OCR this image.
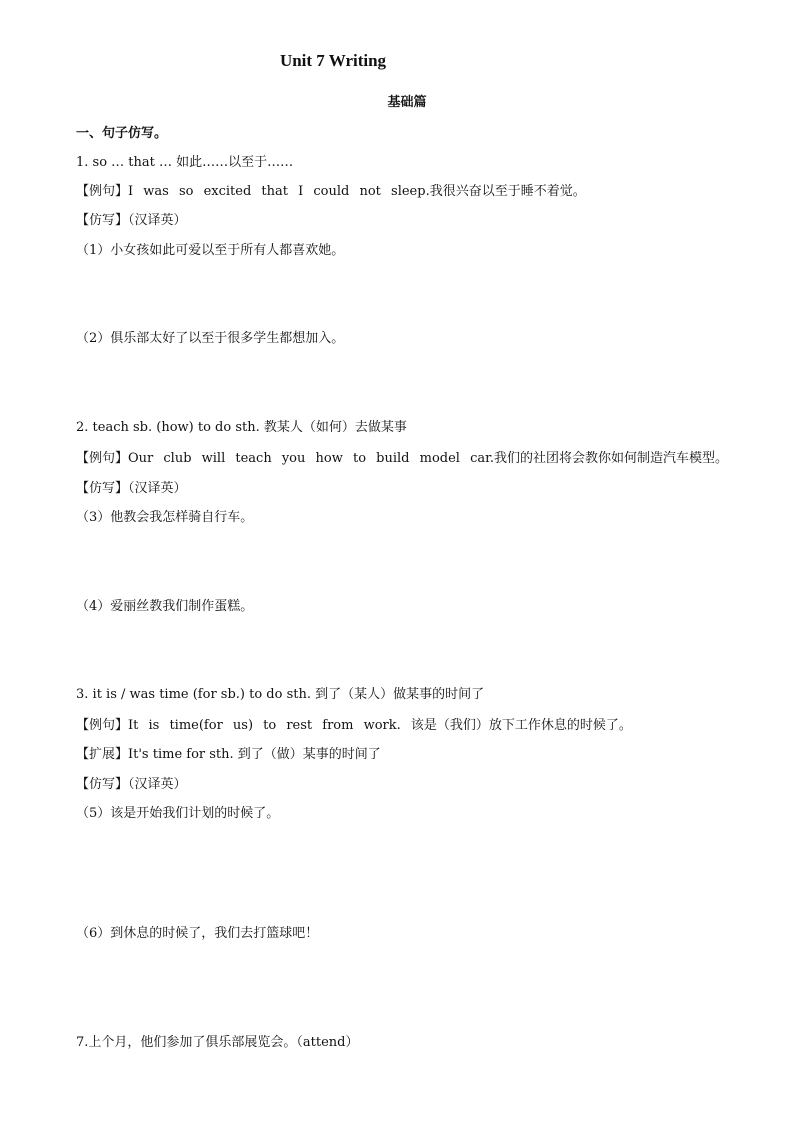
Unit 7 Writing
基础篇
一、句子仿写。
1. so … that … 如此……以至于……
【例句】I was so excited that I could not sleep.我很兴奋以至于睡不着觉。
【仿写】（汉译英）
（1）小女孩如此可爱以至于所有人都喜欢她。
（2）俱乐部太好了以至于很多学生都想加入。
2. teach sb. (how) to do sth. 教某人（如何）去做某事
【例句】Our club will teach you how to build model car.我们的社团将会教你如何制造汽车模型。
【仿写】（汉译英）
（3）他教会我怎样骑自行车。
（4）爱丽丝教我们制作蛋糕。
3. it is / was time (for sb.) to do sth. 到了（某人）做某事的时间了
【例句】It is time(for us) to rest from work. 该是（我们）放下工作休息的时候了。
【扩展】It's time for sth. 到了（做）某事的时间了
【仿写】（汉译英）
（5）该是开始我们计划的时候了。
（6）到休息的时候了，我们去打篮球吧！
7.上个月，他们参加了俱乐部展览会。（attend）
